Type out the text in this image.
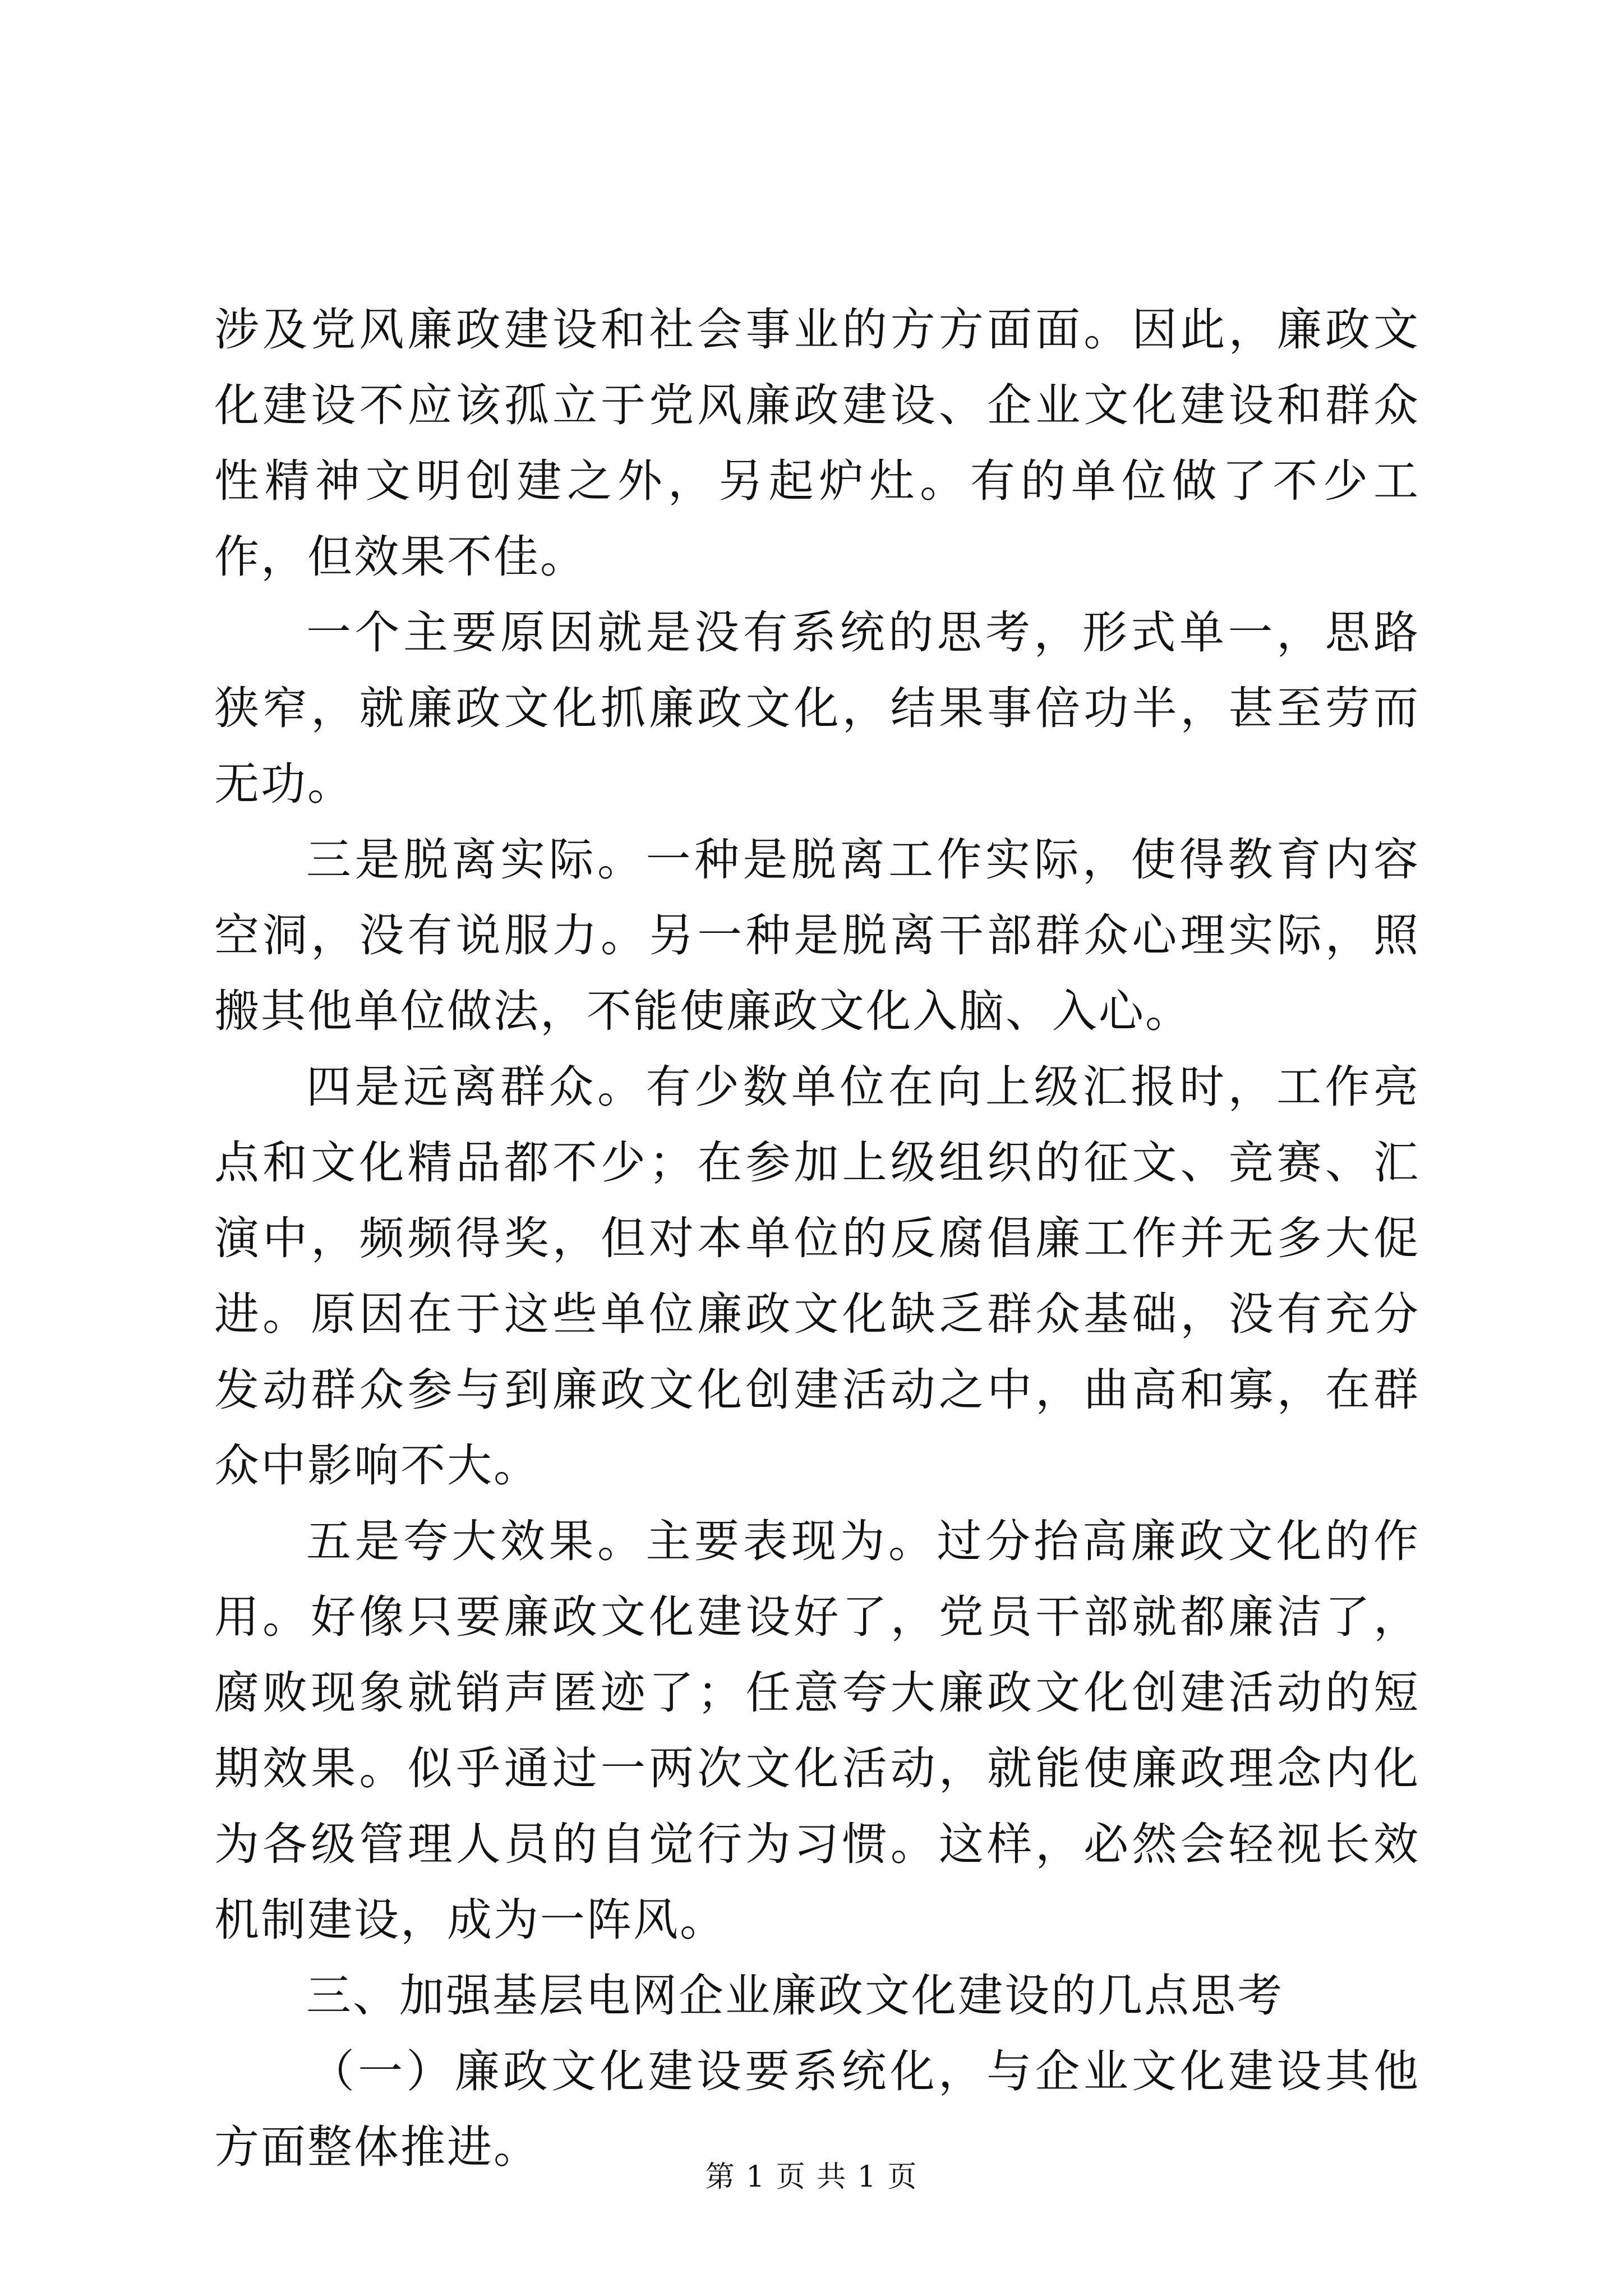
涉及党风廉政建设和社会事业的方方面面。因此，廉政文化建设不应该孤立于党风廉政建设、企业文化建设和群众性精神文明创建之外，另起炉灶。有的单位做了不少工作，但效果不佳。

一个主要原因就是没有系统的思考，形式单一，思路狭窄，就廉政文化抓廉政文化，结果事倍功半，甚至劳而无功。

三是脱离实际。一种是脱离工作实际，使得教育内容空洞，没有说服力。另一种是脱离干部群众心理实际，照搬其他单位做法，不能使廉政文化入脑、入心。

四是远离群众。有少数单位在向上级汇报时，工作亮点和文化精品都不少；在参加上级组织的征文、竞赛、汇演中，频频得奖，但对本单位的反腐倡廉工作并无多大促进。原因在于这些单位廉政文化缺乏群众基础，没有充分发动群众参与到廉政文化创建活动之中，曲高和寡，在群众中影响不大。

五是夸大效果。主要表现为。过分抬高廉政文化的作用。好像只要廉政文化建设好了，党员干部就都廉洁了，腐败现象就销声匿迹了；任意夸大廉政文化创建活动的短期效果。似乎通过一两次文化活动，就能使廉政理念内化为各级管理人员的自觉行为习惯。这样，必然会轻视长效机制建设，成为一阵风。

三、加强基层电网企业廉政文化建设的几点思考

（一）廉政文化建设要系统化，与企业文化建设其他方面整体推进。

第 1 页 共 1 页
